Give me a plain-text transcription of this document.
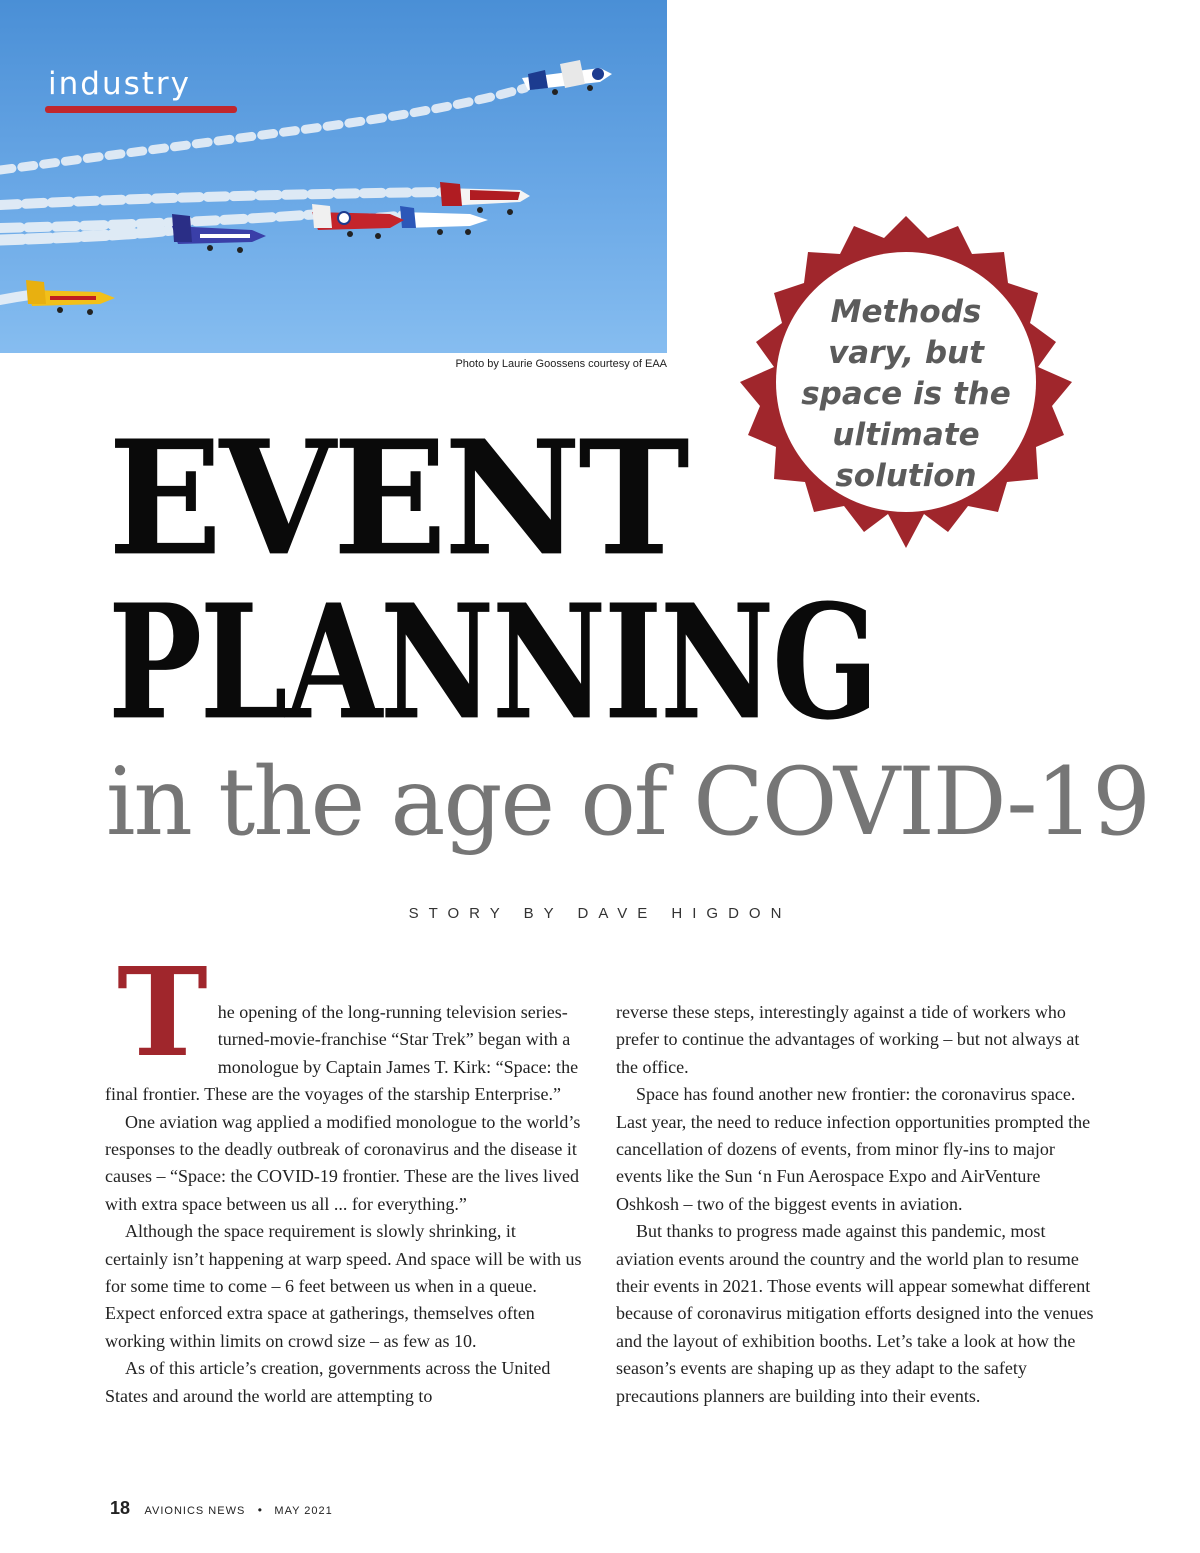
industry
Photo by Laurie Goossens courtesy of EAA
Methods vary, but space is the ultimate solution
EVENT
PLANNING
in the age of COVID-19
STORY BY DAVE HIGDON

The opening of the long-running television series-turned-movie-franchise “Star Trek” began with a monologue by Captain James T. Kirk: “Space: the final frontier. These are the voyages of the starship Enterprise.”

One aviation wag applied a modified monologue to the world’s responses to the deadly outbreak of coronavirus and the disease it causes – “Space: the COVID-19 frontier. These are the lives lived with extra space between us all ... for everything.”

Although the space requirement is slowly shrinking, it certainly isn’t happening at warp speed. And space will be with us for some time to come – 6 feet between us when in a queue. Expect enforced extra space at gatherings, themselves often working within limits on crowd size – as few as 10.

As of this article’s creation, governments across the United States and around the world are attempting to

reverse these steps, interestingly against a tide of workers who prefer to continue the advantages of working – but not always at the office.

Space has found another new frontier: the coronavirus space. Last year, the need to reduce infection opportunities prompted the cancellation of dozens of events, from minor fly-ins to major events like the Sun ‘n Fun Aerospace Expo and AirVenture Oshkosh – two of the biggest events in aviation.

But thanks to progress made against this pandemic, most aviation events around the country and the world plan to resume their events in 2021. Those events will appear somewhat different because of coronavirus mitigation efforts designed into the venues and the layout of exhibition booths. Let’s take a look at how the season’s events are shaping up as they adapt to the safety precautions planners are building into their events.

18 AVIONICS NEWS • MAY 2021
